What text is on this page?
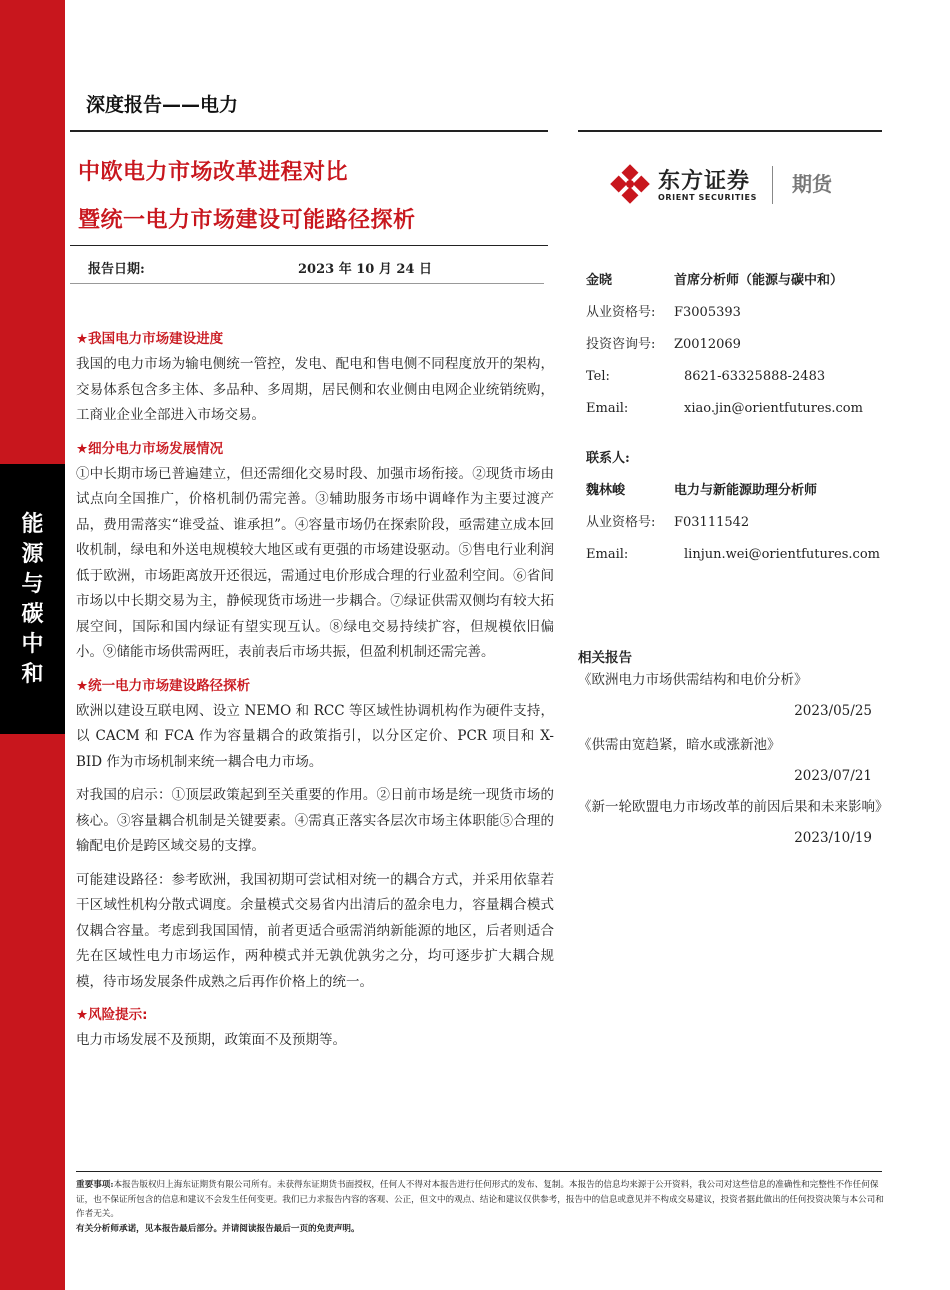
能
源
与
碳
中
和
深度报告——电力
中欧电力市场改革进程对比
暨统一电力市场建设可能路径探析
报告日期:	2023 年 10 月 24 日
东方证券
ORIENT SECURITIES
期货
★我国电力市场建设进度

我国的电力市场为输电侧统一管控，发电、配电和售电侧不同程度放开的架构，交易体系包含多主体、多品种、多周期，居民侧和农业侧由电网企业统销统购，工商业企业全部进入市场交易。

★细分电力市场发展情况

①中长期市场已普遍建立，但还需细化交易时段、加强市场衔接。②现货市场由试点向全国推广，价格机制仍需完善。③辅助服务市场中调峰作为主要过渡产品，费用需落实“谁受益、谁承担”。④容量市场仍在探索阶段，亟需建立成本回收机制，绿电和外送电规模较大地区或有更强的市场建设驱动。⑤售电行业利润低于欧洲，市场距离放开还很远，需通过电价形成合理的行业盈利空间。⑥省间市场以中长期交易为主，静候现货市场进一步耦合。⑦绿证供需双侧均有较大拓展空间，国际和国内绿证有望实现互认。⑧绿电交易持续扩容，但规模依旧偏小。⑨储能市场供需两旺，表前表后市场共振，但盈利机制还需完善。

★统一电力市场建设路径探析

欧洲以建设互联电网、设立 NEMO 和 RCC 等区域性协调机构作为硬件支持，以 CACM 和 FCA 作为容量耦合的政策指引，以分区定价、PCR 项目和 X-BID 作为市场机制来统一耦合电力市场。

对我国的启示：①顶层政策起到至关重要的作用。②日前市场是统一现货市场的核心。③容量耦合机制是关键要素。④需真正落实各层次市场主体职能⑤合理的输配电价是跨区域交易的支撑。

可能建设路径：参考欧洲，我国初期可尝试相对统一的耦合方式，并采用依靠若干区域性机构分散式调度。余量模式交易省内出清后的盈余电力，容量耦合模式仅耦合容量。考虑到我国国情，前者更适合亟需消纳新能源的地区，后者则适合先在区域性电力市场运作，两种模式并无孰优孰劣之分，均可逐步扩大耦合规模，待市场发展条件成熟之后再作价格上的统一。

★风险提示:

电力市场发展不及预期，政策面不及预期等。

金晓	首席分析师（能源与碳中和）
从业资格号: F3005393
投资咨询号: Z0012069
Tel:	8621-63325888-2483
Email:	xiao.jin@orientfutures.com
联系人:
魏林峻	电力与新能源助理分析师
从业资格号: F03111542
Email:	linjun.wei@orientfutures.com
相关报告
《欧洲电力市场供需结构和电价分析》
2023/05/25
《供需由宽趋紧，暗水或涨新池》
2023/07/21
《新一轮欧盟电力市场改革的前因后果和未来影响》
2023/10/19
重要事项:本报告版权归上海东证期货有限公司所有。未获得东证期货书面授权，任何人不得对本报告进行任何形式的发布、复制。本报告的信息均来源于公开资料，我公司对这些信息的准确性和完整性不作任何保证，也不保证所包含的信息和建议不会发生任何变更。我们已力求报告内容的客观、公正，但文中的观点、结论和建议仅供参考，报告中的信息或意见并不构成交易建议，投资者据此做出的任何投资决策与本公司和作者无关。
有关分析师承诺，见本报告最后部分。并请阅读报告最后一页的免责声明。
